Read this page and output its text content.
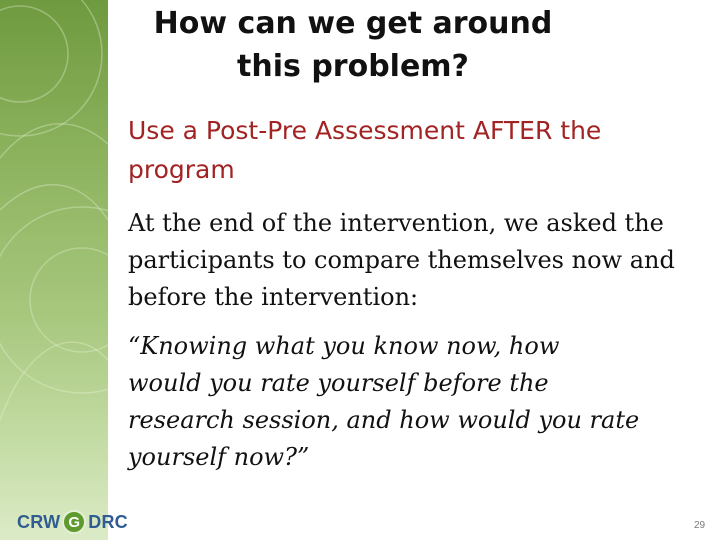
How can we get around this problem?

Use a Post-Pre Assessment AFTER the program

At the end of the intervention, we asked the participants to compare themselves now and before the intervention:

“Knowing what you know now, how
would you rate yourself before the
research session, and how would you rate
yourself now?”

CRW G DRC	29
